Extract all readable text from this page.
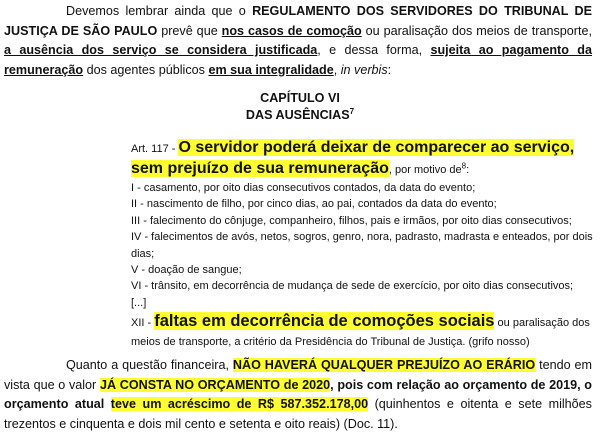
Devemos lembrar ainda que o REGULAMENTO DOS SERVIDORES DO TRIBUNAL DE JUSTIÇA DE SÃO PAULO prevê que nos casos de comoção ou paralisação dos meios de transporte, a ausência dos serviço se considera justificada, e dessa forma, sujeita ao pagamento da remuneração dos agentes públicos em sua integralidade, in verbis:
CAPÍTULO VI
DAS AUSÊNCIAS$^7$
Art. 117 - O servidor poderá deixar de comparecer ao serviço, sem prejuízo de sua remuneração, por motivo $de^8$:
I - casamento, por oito dias consecutivos contados, da data do evento;
II - nascimento de filho, por cinco dias, ao pai, contados da data do evento;
III - falecimento do cônjuge, companheiro, filhos, pais e irmãos, por oito dias consecutivos;
IV - falecimentos de avós, netos, sogros, genro, nora, padrasto, madrasta e enteados, por dois dias;
V - doação de sangue;
VI - trânsito, em decorrência de mudança de sede de exercício, por oito dias consecutivos;
[...]
XII - faltas em decorrência de comoções sociais ou paralisação dos meios de transporte, a critério da Presidência do Tribunal de Justiça. (grifo nosso)
Quanto a questão financeira, NÃO HAVERÁ QUALQUER PREJUÍZO AO ERÁRIO tendo em vista que o valor JÁ CONSTA NO ORÇAMENTO de 2020, pois com relação ao orçamento de 2019, o orçamento atual teve um acréscimo de R$ 587.352.178,00 (quinhentos e oitenta e sete milhões trezentos e cinquenta e dois mil cento e setenta e oito reais) (Doc. 11).
